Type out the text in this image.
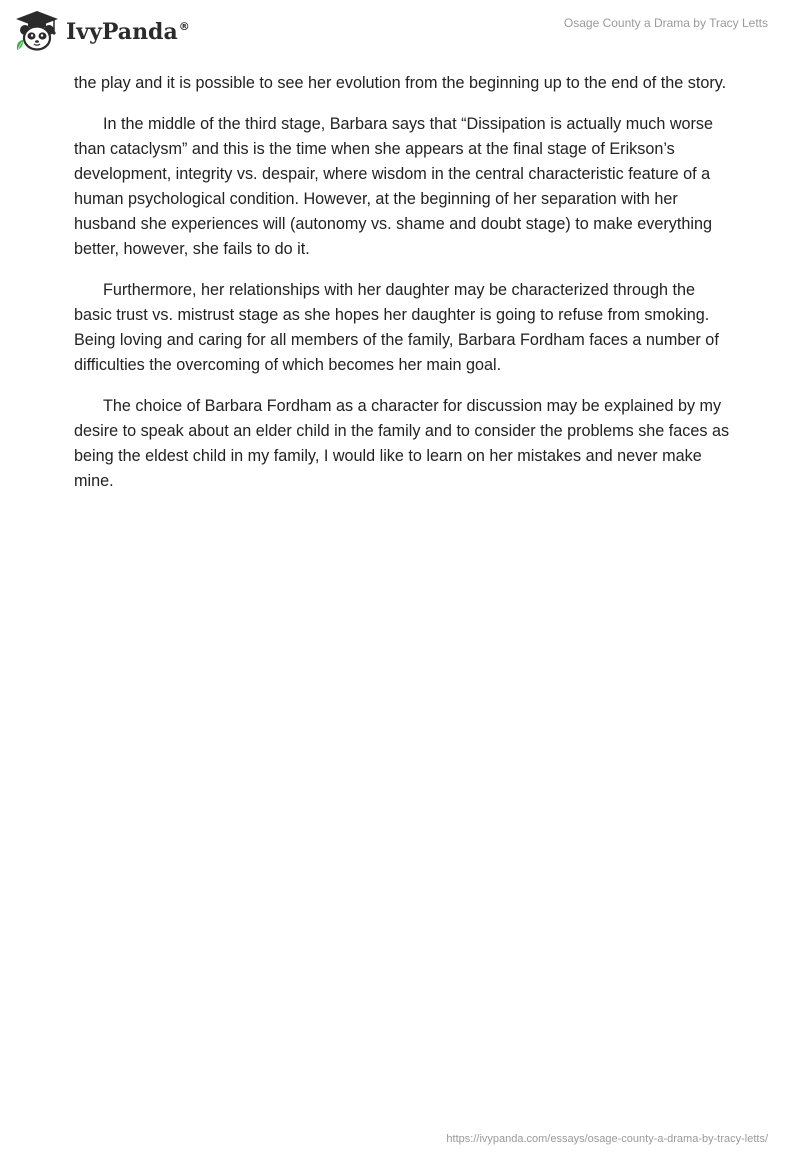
IvyPanda®	Osage County a Drama by Tracy Letts

the play and it is possible to see her evolution from the beginning up to the end of the story.

In the middle of the third stage, Barbara says that “Dissipation is actually much worse than cataclysm” and this is the time when she appears at the final stage of Erikson’s development, integrity vs. despair, where wisdom in the central characteristic feature of a human psychological condition. However, at the beginning of her separation with her husband she experiences will (autonomy vs. shame and doubt stage) to make everything better, however, she fails to do it.

Furthermore, her relationships with her daughter may be characterized through the basic trust vs. mistrust stage as she hopes her daughter is going to refuse from smoking. Being loving and caring for all members of the family, Barbara Fordham faces a number of difficulties the overcoming of which becomes her main goal.

The choice of Barbara Fordham as a character for discussion may be explained by my desire to speak about an elder child in the family and to consider the problems she faces as being the eldest child in my family, I would like to learn on her mistakes and never make mine.

https://ivypanda.com/essays/osage-county-a-drama-by-tracy-letts/
